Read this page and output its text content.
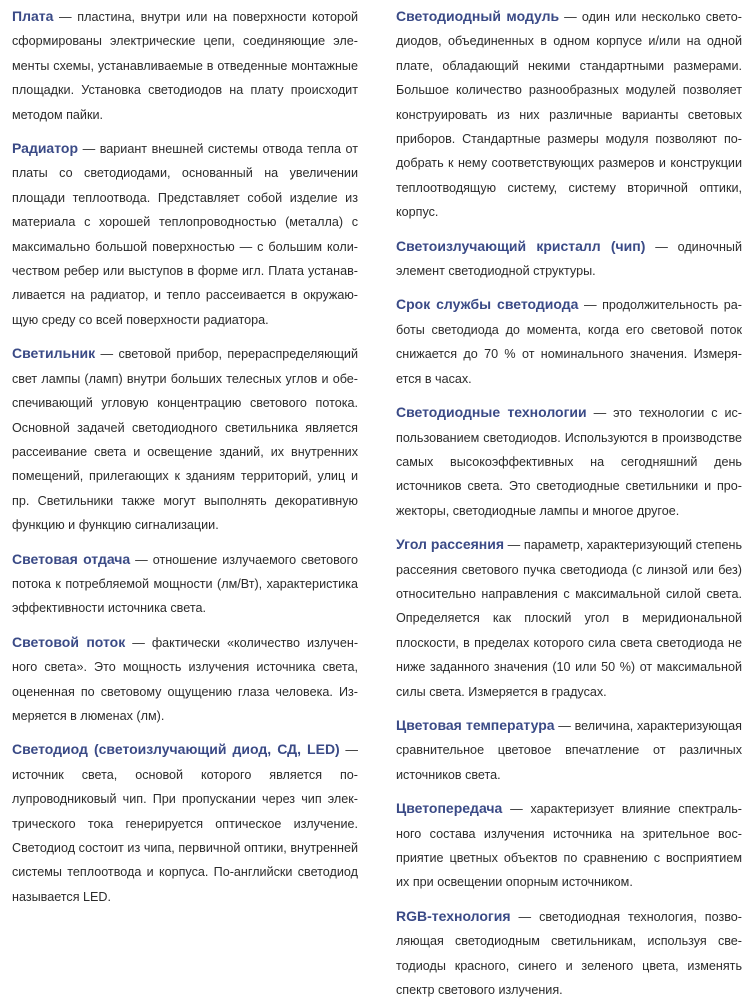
Плата — пластина, внутри или на поверхности которой сформированы электрические цепи, соединяющие элементы схемы, устанавливаемые в отведенные монтажные площадки. Установка светодиодов на плату происходит методом пайки.

Радиатор — вариант внешней системы отвода тепла от платы со светодиодами, основанный на увеличении площади теплоотвода. Представляет собой изделие из материала с хорошей теплопроводностью (металла) с максимально большой поверхностью — с большим количеством ребер или выступов в форме игл. Плата устанавливается на радиатор, и тепло рассеивается в окружающую среду со всей поверхности радиатора.

Светильник — световой прибор, перераспределяющий свет лампы (ламп) внутри больших телесных углов и обеспечивающий угловую концентрацию светового потока. Основной задачей светодиодного светильника является рассеивание света и освещение зданий, их внутренних помещений, прилегающих к зданиям территорий, улиц и пр. Светильники также могут выполнять декоративную функцию и функцию сигнализации.

Световая отдача — отношение излучаемого светового потока к потребляемой мощности (лм/Вт), характеристика эффективности источника света.

Световой поток — фактически «количество излученного света». Это мощность излучения источника света, оцененная по световому ощущению глаза человека. Измеряется в люменах (лм).

Светодиод (светоизлучающий диод, СД, LED) — источник света, основой которого является полупроводниковый чип. При пропускании через чип электрического тока генерируется оптическое излучение. Светодиод состоит из чипа, первичной оптики, внутренней системы теплоотвода и корпуса. По-английски светодиод называется LED.

Светодиодный модуль — один или несколько светодиодов, объединенных в одном корпусе и/или на одной плате, обладающий некими стандартными размерами. Большое количество разнообразных модулей позволяет конструировать из них различные варианты световых приборов. Стандартные размеры модуля позволяют подобрать к нему соответствующих размеров и конструкции теплоотводящую систему, систему вторичной оптики, корпус.

Светоизлучающий кристалл (чип) — одиночный элемент светодиодной структуры.

Срок службы светодиода — продолжительность работы светодиода до момента, когда его световой поток снижается до 70 % от номинального значения. Измеряется в часах.

Светодиодные технологии — это технологии с использованием светодиодов. Используются в производстве самых высокоэффективных на сегодняшний день источников света. Это светодиодные светильники и прожекторы, светодиодные лампы и многое другое.

Угол рассеяния — параметр, характеризующий степень рассеяния светового пучка светодиода (с линзой или без) относительно направления с максимальной силой света. Определяется как плоский угол в меридиональной плоскости, в пределах которого сила света светодиода не ниже заданного значения (10 или 50 %) от максимальной силы света. Измеряется в градусах.

Цветовая температура — величина, характеризующая сравнительное цветовое впечатление от различных источников света.

Цветопередача — характеризует влияние спектрального состава излучения источника на зрительное восприятие цветных объектов по сравнению с восприятием их при освещении опорным источником.

RGB-технология — светодиодная технология, позволяющая светодиодным светильникам, используя светодиоды красного, синего и зеленого цвета, изменять спектр светового излучения.
